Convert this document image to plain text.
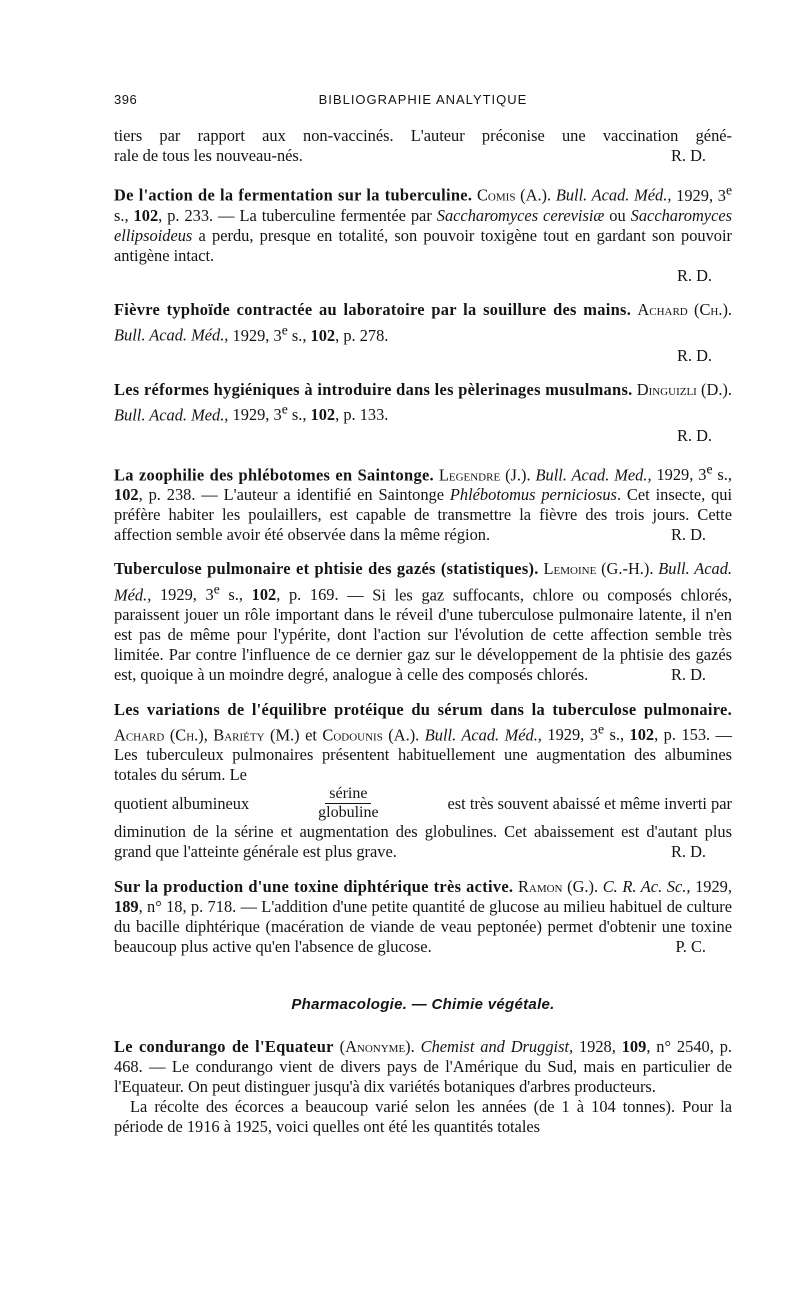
396	BIBLIOGRAPHIE ANALYTIQUE

tiers par rapport aux non-vaccinés. L'auteur préconise une vaccination géné-

rale de tous les nouveau-nés.	R. D.

De l'action de la fermentation sur la tuberculine. Comis (A.). Bull. Acad. Méd., 1929, 3e s., 102, p. 233. — La tuberculine fermentée par Saccharomyces cerevisiæ ou Saccharomyces ellipsoideus a perdu, presque en totalité, son pouvoir toxigène tout en gardant son pouvoir antigène intact.

R. D.

Fièvre typhoïde contractée au laboratoire par la souillure des mains. Achard (Ch.). Bull. Acad. Méd., 1929, 3e s., 102, p. 278.

R. D.

Les réformes hygiéniques à introduire dans les pèlerinages musulmans. Dinguizli (D.). Bull. Acad. Med., 1929, 3e s., 102, p. 133.

R. D.

La zoophilie des phlébotomes en Saintonge. Legendre (J.). Bull. Acad. Med., 1929, 3e s., 102, p. 238. — L'auteur a identifié en Saintonge Phlébotomus perniciosus. Cet insecte, qui préfère habiter les poulaillers, est capable de transmettre la fièvre des trois jours. Cette affection semble avoir été observée dans la même région.	R. D.

Tuberculose pulmonaire et phtisie des gazés (statistiques). Lemoine (G.-H.). Bull. Acad. Méd., 1929, 3e s., 102, p. 169. — Si les gaz suffocants, chlore ou composés chlorés, paraissent jouer un rôle important dans le réveil d'une tuberculose pulmonaire latente, il n'en est pas de même pour l'ypérite, dont l'action sur l'évolution de cette affection semble très limitée. Par contre l'influence de ce dernier gaz sur le développement de la phtisie des gazés est, quoique à un moindre degré, analogue à celle des composés chlorés.	R. D.

Les variations de l'équilibre protéique du sérum dans la tuberculose pulmonaire. Achard (Ch.), Bariéty (M.) et Codounis (A.). Bull. Acad. Méd., 1929, 3e s., 102, p. 153. — Les tuberculeux pulmonaires présentent habituellement une augmentation des albumines totales du sérum. Le

quotient albumineux	$\frac{\text{sérine}}{\text{globuline}}$	est très souvent abaissé et même inverti par

diminution de la sérine et augmentation des globulines. Cet abaissement est d'autant plus grand que l'atteinte générale est plus grave.	R. D.

Sur la production d'une toxine diphtérique très active. Ramon (G.). C. R. Ac. Sc., 1929, 189, n° 18, p. 718. — L'addition d'une petite quantité de glucose au milieu habituel de culture du bacille diphtérique (macération de viande de veau peptonée) permet d'obtenir une toxine beaucoup plus active qu'en l'absence de glucose.	P. C.

Pharmacologie. — Chimie végétale.

Le condurango de l'Equateur (Anonyme). Chemist and Druggist, 1928, 109, n° 2540, p. 468. — Le condurango vient de divers pays de l'Amérique du Sud, mais en particulier de l'Equateur. On peut distinguer jusqu'à dix variétés botaniques d'arbres producteurs.

La récolte des écorces a beaucoup varié selon les années (de 1 à 104 tonnes). Pour la période de 1916 à 1925, voici quelles ont été les quantités totales
